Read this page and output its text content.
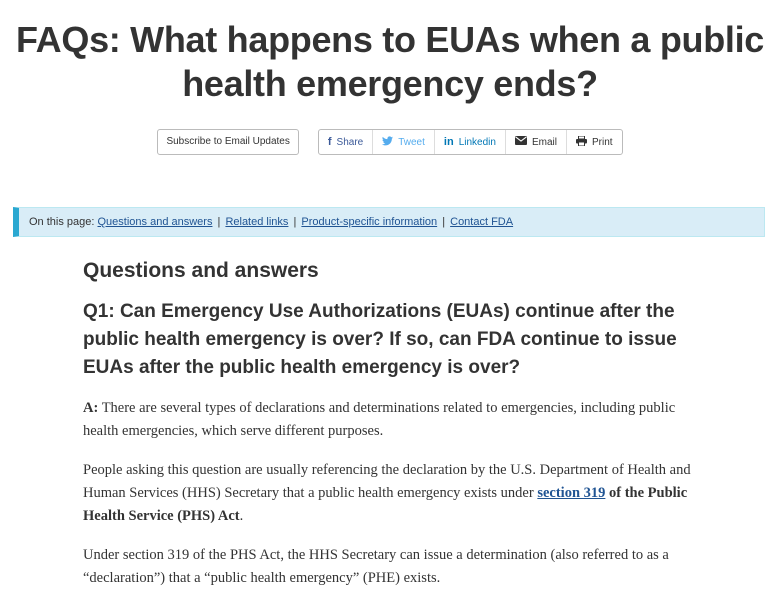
FAQs: What happens to EUAs when a public
health emergency ends?
Subscribe to Email Updates	f Share	Tweet in Linkedin	Email	Print
On this page: Questions and answers | Related links | Product-specific information | Contact FDA
Questions and answers
Q1: Can Emergency Use Authorizations (EUAs) continue after the public health emergency is over? If so, can FDA continue to issue EUAs after the public health emergency is over?

A: There are several types of declarations and determinations related to emergencies, including public health emergencies, which serve different purposes.

People asking this question are usually referencing the declaration by the U.S. Department of Health and Human Services (HHS) Secretary that a public health emergency exists under section 319 of the Public Health Service (PHS) Act.

Under section 319 of the PHS Act, the HHS Secretary can issue a determination (also referred to as a “declaration”) that a “public health emergency” (PHE) exists.
